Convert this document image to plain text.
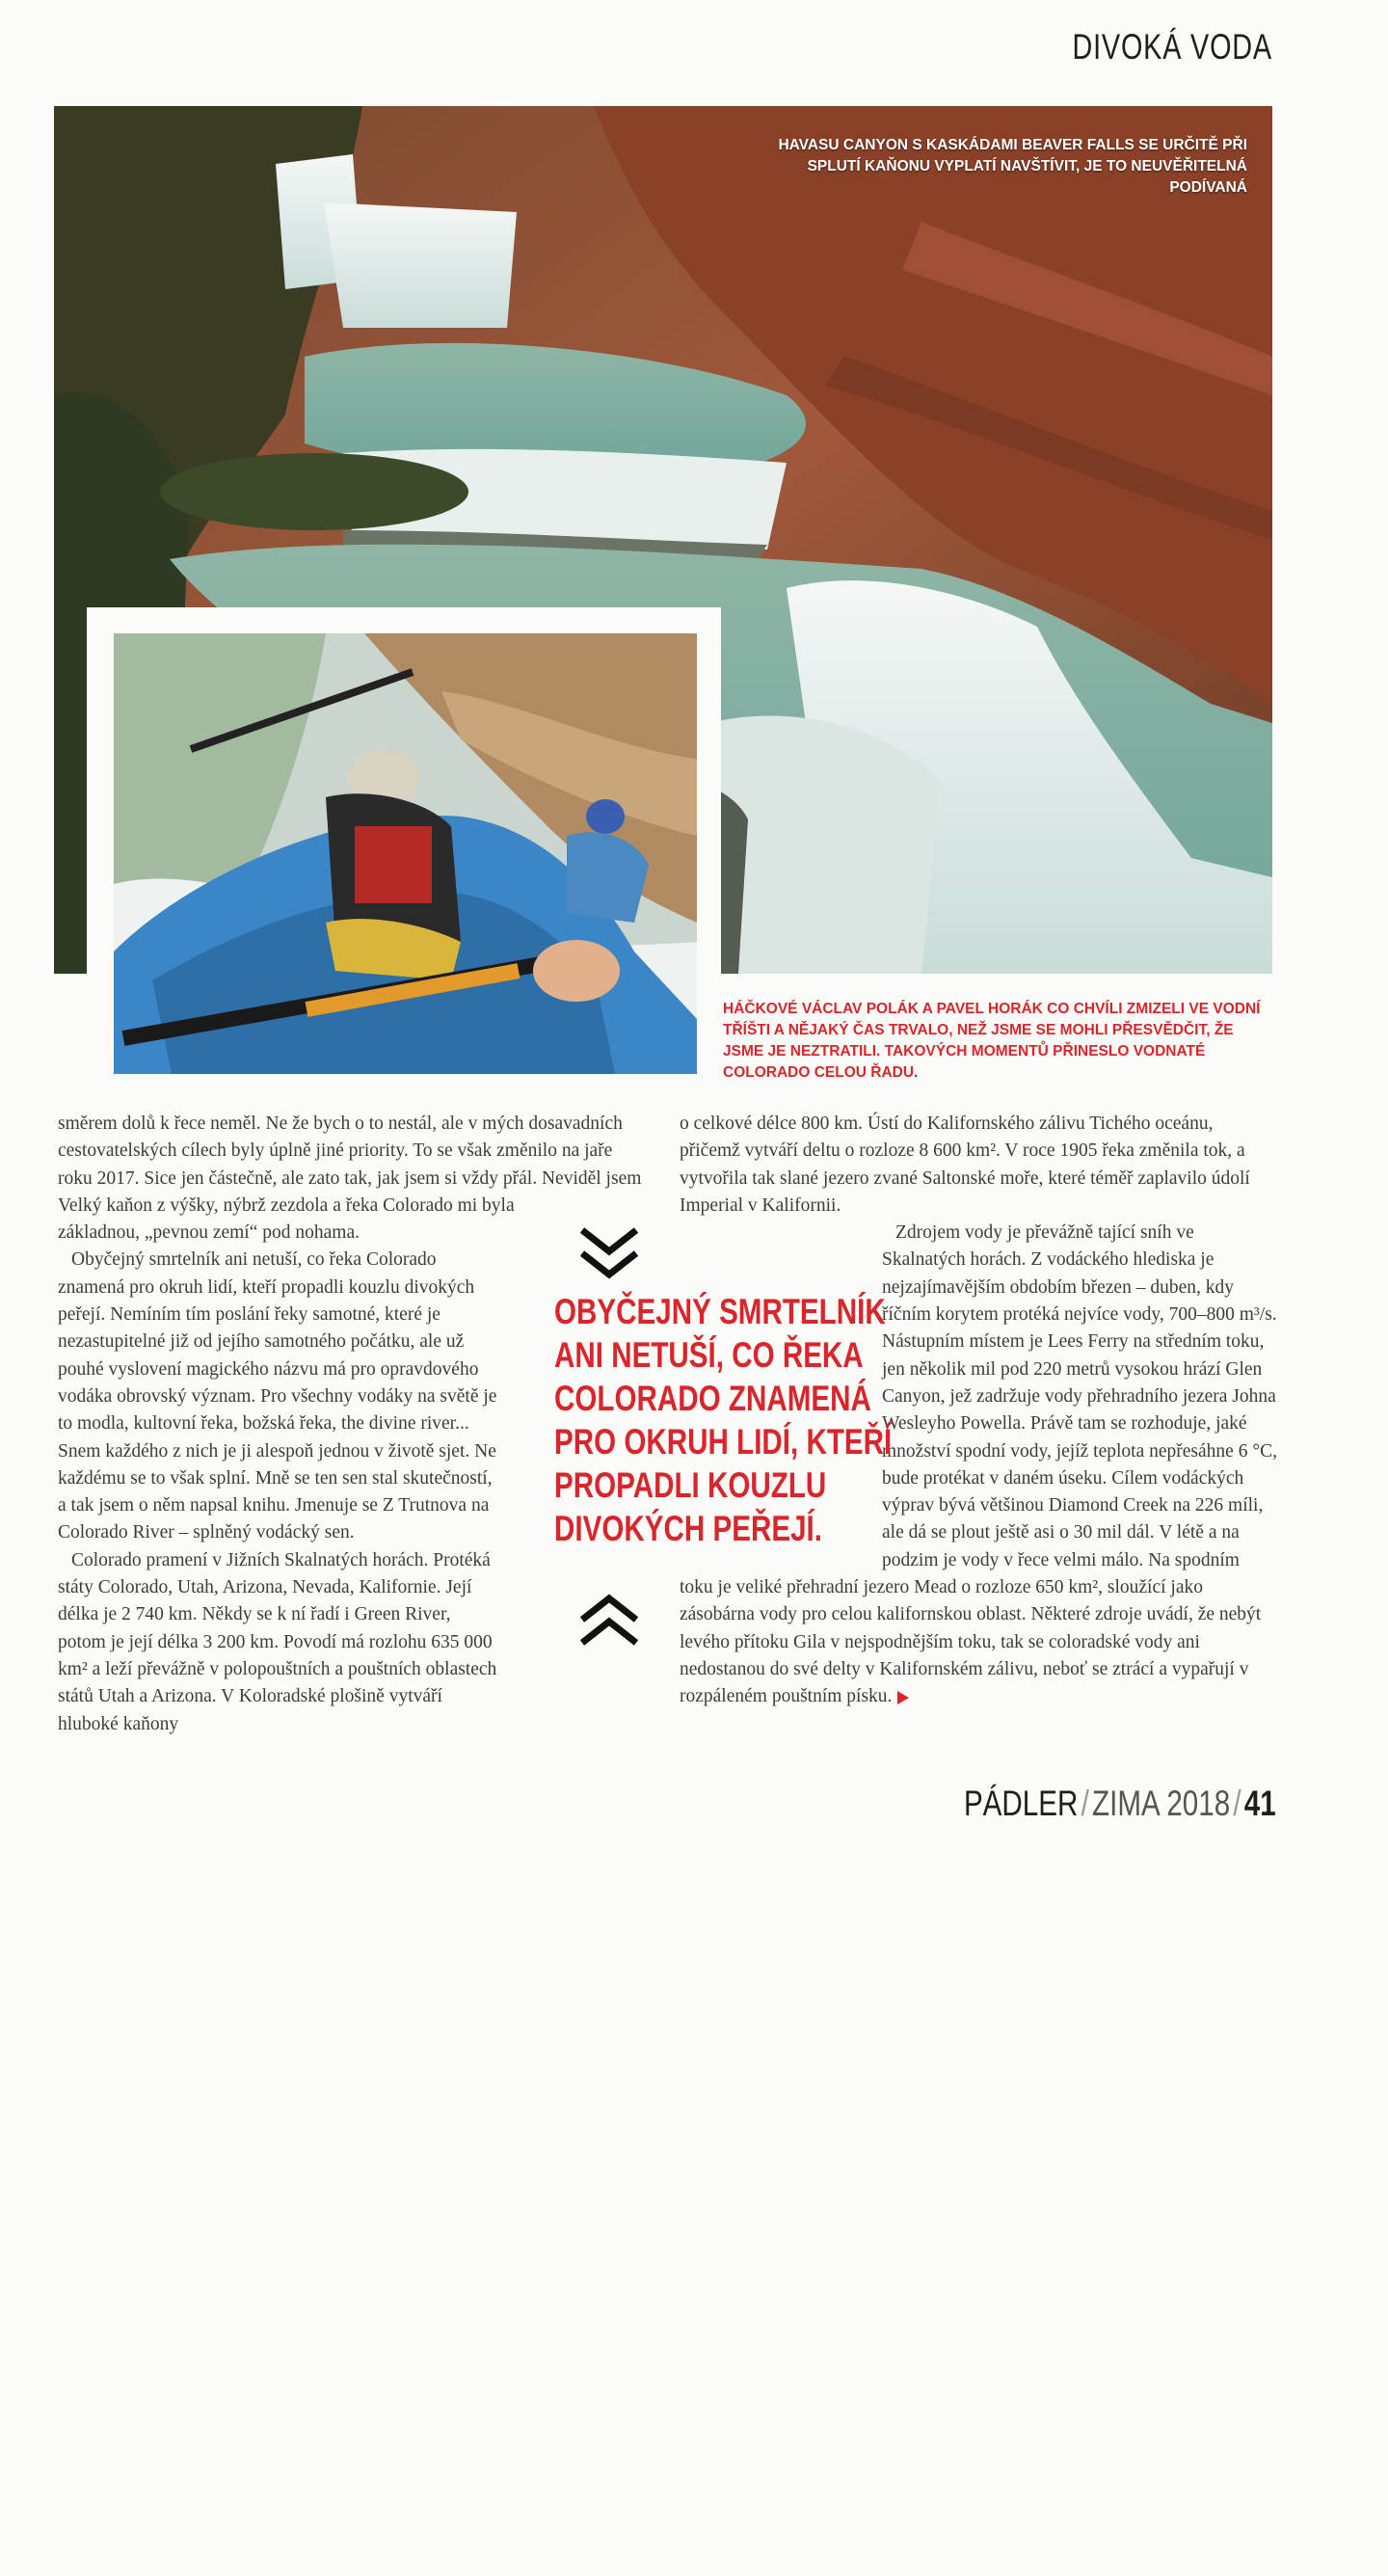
DIVOKÁ VODA
HAVASU CANYON S KASKÁDAMI BEAVER FALLS SE URČITĚ PŘI SPLUTÍ KAŇONU VYPLATÍ NAVŠTÍVIT, JE TO NEUVĚŘITELNÁ PODÍVANÁ
HÁČKOVÉ VÁCLAV POLÁK A PAVEL HORÁK CO CHVÍLI ZMIZELI VE VODNÍ TŘÍŠTI A NĚJAKÝ ČAS TRVALO, NEŽ JSME SE MOHLI PŘESVĚDČIT, ŽE JSME JE NEZTRATILI. TAKOVÝCH MOMENTŮ PŘINESLO VODNATÉ COLORADO CELOU ŘADU.

směrem dolů k řece neměl. Ne že bych o to nestál, ale v mých dosavadních cestovatelských cílech byly úplně jiné priority. To se však změnilo na jaře roku 2017. Sice jen částečně, ale zato tak, jak jsem si vždy přál. Neviděl jsem Velký kaňon z výšky, nýbrž zezdola a řeka Colorado mi byla základnou, „pevnou zemí“ pod nohama.

Obyčejný smrtelník ani netuší, co řeka Colorado znamená pro okruh lidí, kteří propadli kouzlu divokých peřejí. Nemíním tím poslání řeky samotné, které je nezastupitelné již od jejího samotného počátku, ale už pouhé vyslovení magického názvu má pro opravdového vodáka obrovský význam. Pro všechny vodáky na světě je to modla, kultovní řeka, božská řeka, the divine river... Snem každého z nich je ji alespoň jednou v životě sjet. Ne každému se to však splní. Mně se ten sen stal skutečností, a tak jsem o něm napsal knihu. Jmenuje se Z Trutnova na Colorado River – splněný vodácký sen.

Colorado pramení v Jižních Skalnatých horách. Protéká státy Colorado, Utah, Arizona, Nevada, Kalifornie. Její délka je 2 740 km. Někdy se k ní řadí i Green River, potom je její délka 3 200 km. Povodí má rozlohu 635 000 km² a leží převážně v polopouštních a pouštních oblastech států Utah a Arizona. V Koloradské plošině vytváří hluboké kaňony

o celkové délce 800 km. Ústí do Kalifornského zálivu Tichého oceánu, přičemž vytváří deltu o rozloze 8 600 km². V roce 1905 řeka změnila tok, a vytvořila tak slané jezero zvané Saltonské moře, které téměř zaplavilo údolí Imperial v Kalifornii.

Zdrojem vody je převážně tající sníh ve Skalnatých horách. Z vodáckého hlediska je nejzajímavějším obdobím březen – duben, kdy říčním korytem protéká nejvíce vody, 700–800 m³/s. Nástupním místem je Lees Ferry na středním toku, jen několik mil pod 220 metrů vysokou hrází Glen Canyon, jež zadržuje vody přehradního jezera Johna Wesleyho Powella. Právě tam se rozhoduje, jaké množství spodní vody, jejíž teplota nepřesáhne 6 °C, bude protékat v daném úseku. Cílem vodáckých výprav bývá většinou Diamond Creek na 226 míli, ale dá se plout ještě asi o 30 mil dál. V létě a na podzim je vody v řece velmi málo. Na spodním toku je veliké přehradní jezero Mead o rozloze 650 km², sloužící jako zásobárna vody pro celou kalifornskou oblast. Některé zdroje uvádí, že nebýt levého přítoku Gila v nejspodnějším toku, tak se coloradské vody ani nedostanou do své delty v Kalifornském zálivu, neboť se ztrácí a vypařují v rozpáleném pouštním písku.

OBYČEJNÝ SMRTELNÍK
ANI NETUŠÍ, CO ŘEKA
COLORADO ZNAMENÁ
PRO OKRUH LIDÍ, KTEŘÍ
PROPADLI KOUZLU
DIVOKÝCH PEŘEJÍ.
PÁDLER/ZIMA 2018/41
